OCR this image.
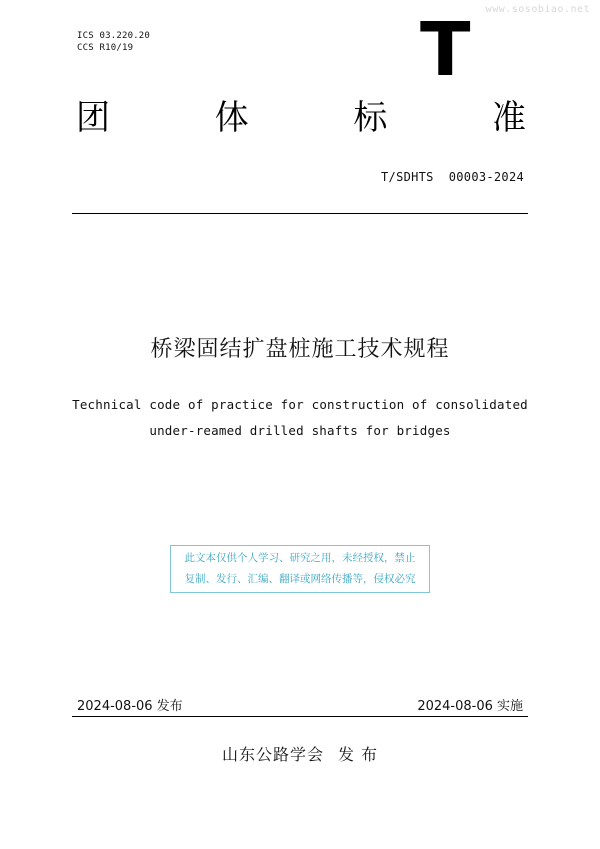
www.sosobiao.net
ICS 03.220.20
CCS R10/19	T
团	体	标	准
T/SDHTS  00003-2024
桥梁固结扩盘桩施工技术规程
Technical code of practice for construction of consolidated
under-reamed drilled shafts for bridges
此文本仅供个人学习、研究之用，未经授权，禁止
复制、发行、汇编、翻译或网络传播等，侵权必究
2024-08-06 发布	2024-08-06 实施
山东公路学会 发 布
